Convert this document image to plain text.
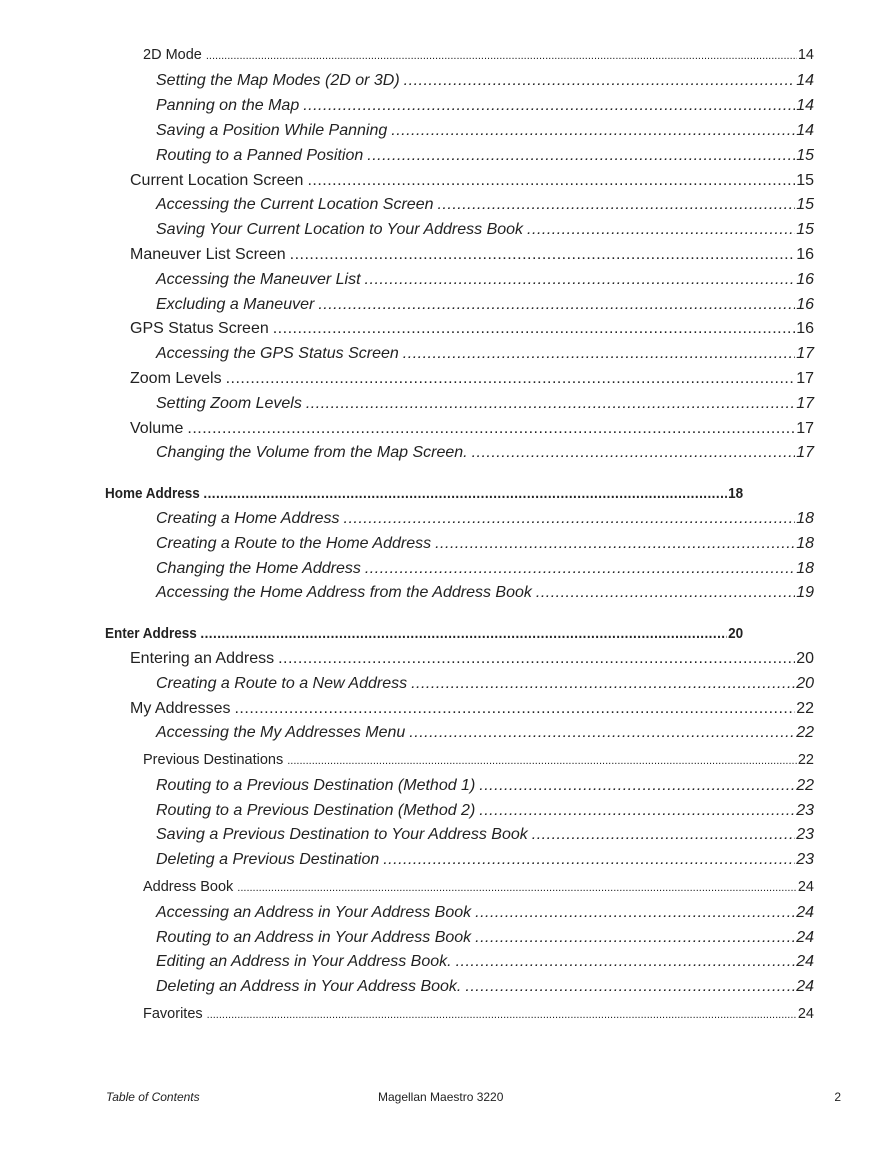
2D Mode .....	14
Setting the Map Modes (2D or 3D) .....	14
Panning on the Map .....	14
Saving a Position While Panning .....	14
Routing to a Panned Position .....	15
Current Location Screen .....	15
Accessing the Current Location Screen .....	15
Saving Your Current Location to Your Address Book .....	15
Maneuver List Screen .....	16
Accessing the Maneuver List .....	16
Excluding a Maneuver .....	16
GPS Status Screen .....	16
Accessing the GPS Status Screen .....	17
Zoom Levels .....	17
Setting Zoom Levels .....	17
Volume .....	17
Changing the Volume from the Map Screen. .....	17
Home Address .....	18
Creating a Home Address .....	18
Creating a Route to the Home Address .....	18
Changing the Home Address .....	18
Accessing the Home Address from the Address Book .....	19
Enter Address .....	20
Entering an Address .....	20
Creating a Route to a New Address .....	20
My Addresses .....	22
Accessing the My Addresses Menu .....	22
Previous Destinations .....	22
Routing to a Previous Destination (Method 1) .....	22
Routing to a Previous Destination (Method 2) .....	23
Saving a Previous Destination to Your Address Book .....	23
Deleting a Previous Destination .....	23
Address Book .....	24
Accessing an Address in Your Address Book .....	24
Routing to an Address in Your Address Book .....	24
Editing an Address in Your Address Book. .....	24
Deleting an Address in Your Address Book. .....	24
Favorites .....	24
Table of Contents	Magellan Maestro 3220	2
